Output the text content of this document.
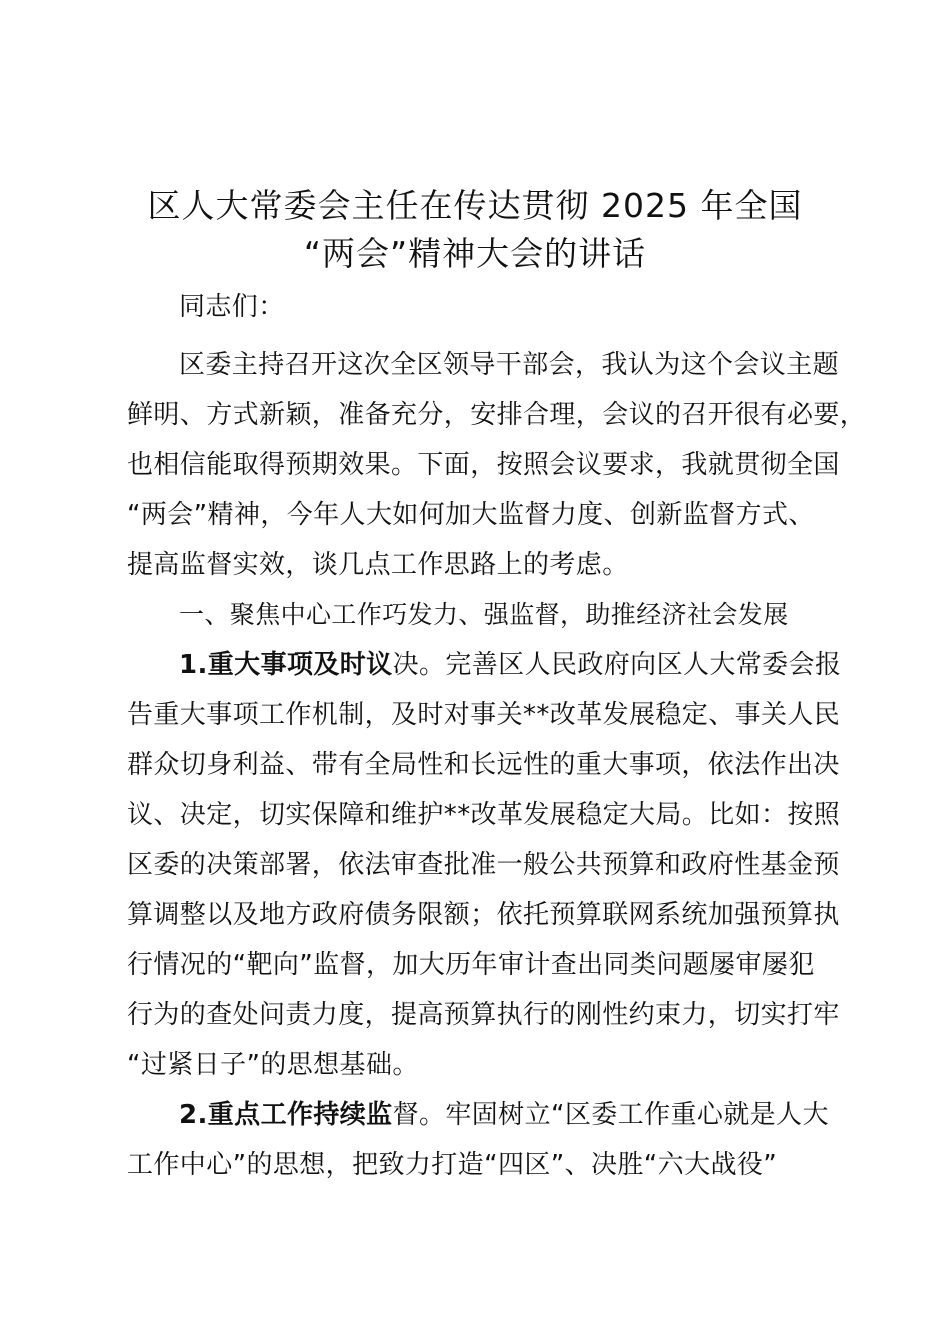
区人大常委会主任在传达贯彻 2025 年全国
“两会”精神大会的讲话
同志们：
区委主持召开这次全区领导干部会，我认为这个会议主题
鲜明、方式新颖，准备充分，安排合理，会议的召开很有必要，
也相信能取得预期效果。下面，按照会议要求，我就贯彻全国
“两会”精神，今年人大如何加大监督力度、创新监督方式、
提高监督实效，谈几点工作思路上的考虑。
一、聚焦中心工作巧发力、强监督，助推经济社会发展
1.重大事项及时议决。完善区人民政府向区人大常委会报
告重大事项工作机制，及时对事关**改革发展稳定、事关人民
群众切身利益、带有全局性和长远性的重大事项，依法作出决
议、决定，切实保障和维护**改革发展稳定大局。比如：按照
区委的决策部署，依法审查批准一般公共预算和政府性基金预
算调整以及地方政府债务限额；依托预算联网系统加强预算执
行情况的“靶向”监督，加大历年审计查出同类问题屡审屡犯
行为的查处问责力度，提高预算执行的刚性约束力，切实打牢
“过紧日子”的思想基础。
2.重点工作持续监督。牢固树立“区委工作重心就是人大
工作中心”的思想，把致力打造“四区”、决胜“六大战役”
